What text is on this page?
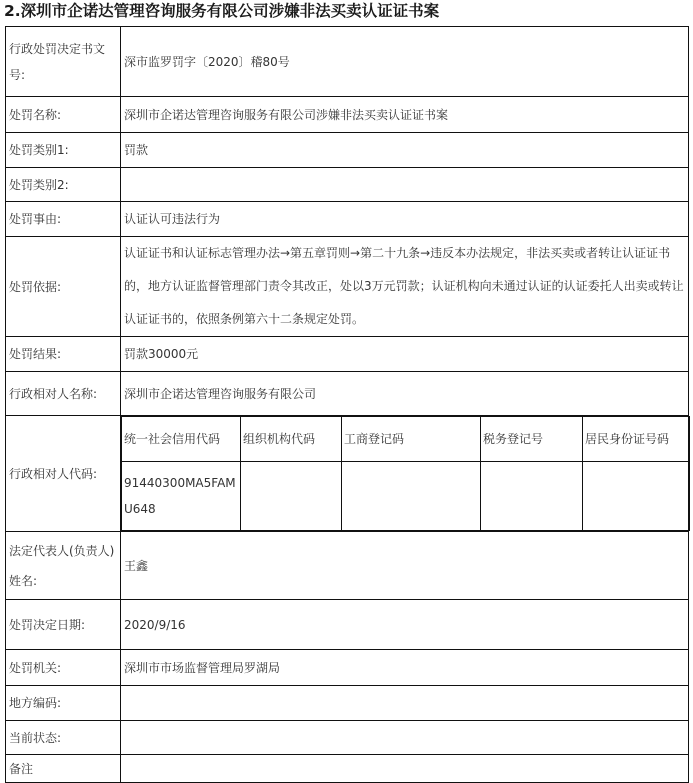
2.深圳市企诺达管理咨询服务有限公司涉嫌非法买卖认证证书案
行政处罚决定书文号:	深市监罗罚字〔2020〕稽80号
处罚名称:	深圳市企诺达管理咨询服务有限公司涉嫌非法买卖认证证书案
处罚类别1:	罚款
处罚类别2:	
处罚事由:	认证认可违法行为
处罚依据:	认证证书和认证标志管理办法→第五章罚则→第二十九条→违反本办法规定，非法买卖或者转让认证证书的，地方认证监督管理部门责令其改正，处以3万元罚款；认证机构向未通过认证的认证委托人出卖或转让认证证书的，依照条例第六十二条规定处罚。
处罚结果:	罚款30000元
行政相对人名称:	深圳市企诺达管理咨询服务有限公司
行政相对人代码:	
统一社会信用代码	组织机构代码	工商登记码	税务登记号	居民身份证号码
91440300MA5FAMU648				

法定代表人(负责人)姓名:	王鑫
处罚决定日期:	2020/9/16
处罚机关:	深圳市市场监督管理局罗湖局
地方编码:	
当前状态:	
备注	
